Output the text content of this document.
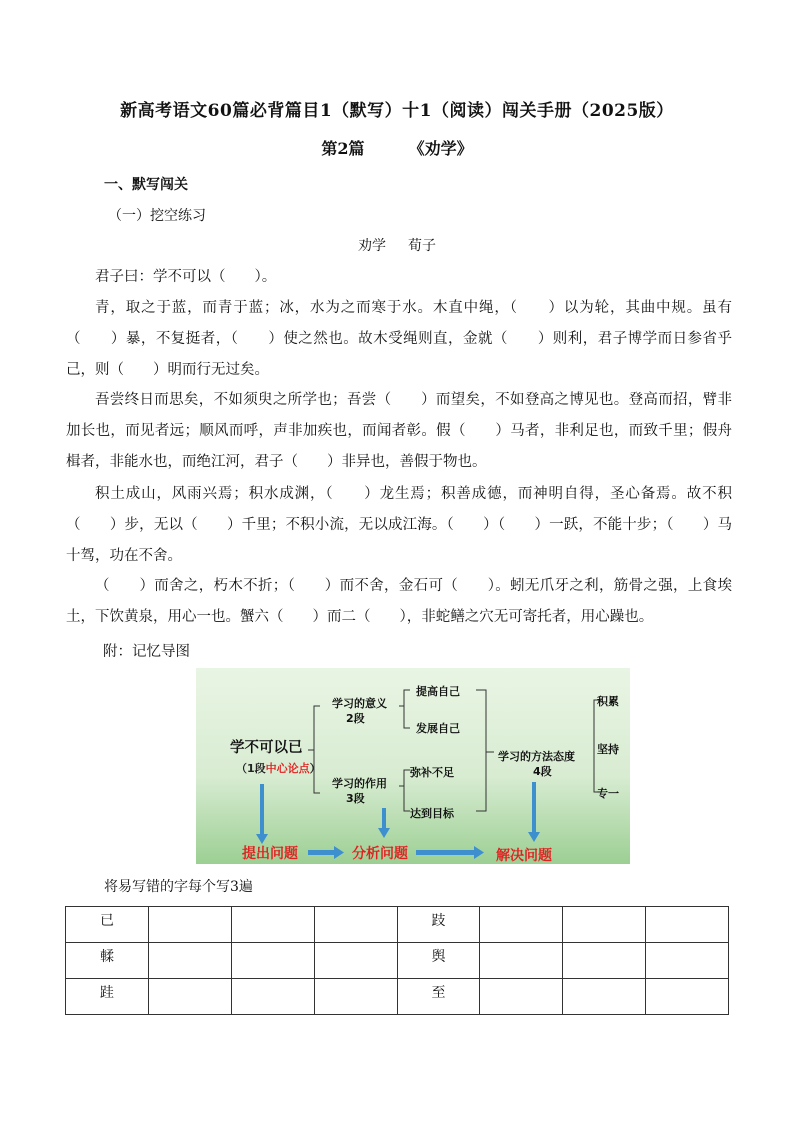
新高考语文60篇必背篇目1（默写）十1（阅读）闯关手册（2025版）
第2篇	《劝学》
一、默写闯关
（一）挖空练习
劝学 荀子

君子曰：学不可以（　　）。

青，取之于蓝，而青于蓝；冰，水为之而寒于水。木直中绳，（　　）以为轮，其曲中规。虽有（　　）暴，不复挺者，（　　）使之然也。故木受绳则直，金就（　　）则利，君子博学而日参省乎己，则（　　）明而行无过矣。

吾尝终日而思矣，不如须臾之所学也；吾尝（　　）而望矣，不如登高之博见也。登高而招，臂非加长也，而见者远；顺风而呼，声非加疾也，而闻者彰。假（　　）马者，非利足也，而致千里；假舟楫者，非能水也，而绝江河，君子（　　）非异也，善假于物也。

积土成山，风雨兴焉；积水成渊，（　　）龙生焉；积善成德，而神明自得，圣心备焉。故不积（　　）步，无以（　　）千里；不积小流，无以成江海。（　　）（　　）一跃，不能十步；（　　）马十驾，功在不舍。

（　　）而舍之，朽木不折；（　　）而不舍，金石可（　　）。蚓无爪牙之利，筋骨之强，上食埃土，下饮黄泉，用心一也。蟹六（　　）而二（　　），非蛇鳝之穴无可寄托者，用心躁也。

附：记忆导图
学不可以已
（1段中心论点）
学习的意义
2段
学习的作用
3段
提高自己
发展自己
弥补不足
达到目标
学习的方法态度
4段
积累
坚持
专一
提出问题	分析问题	解决问题
将易写错的字每个写3遍
已				跂			
輮				舆			
跬				至			
